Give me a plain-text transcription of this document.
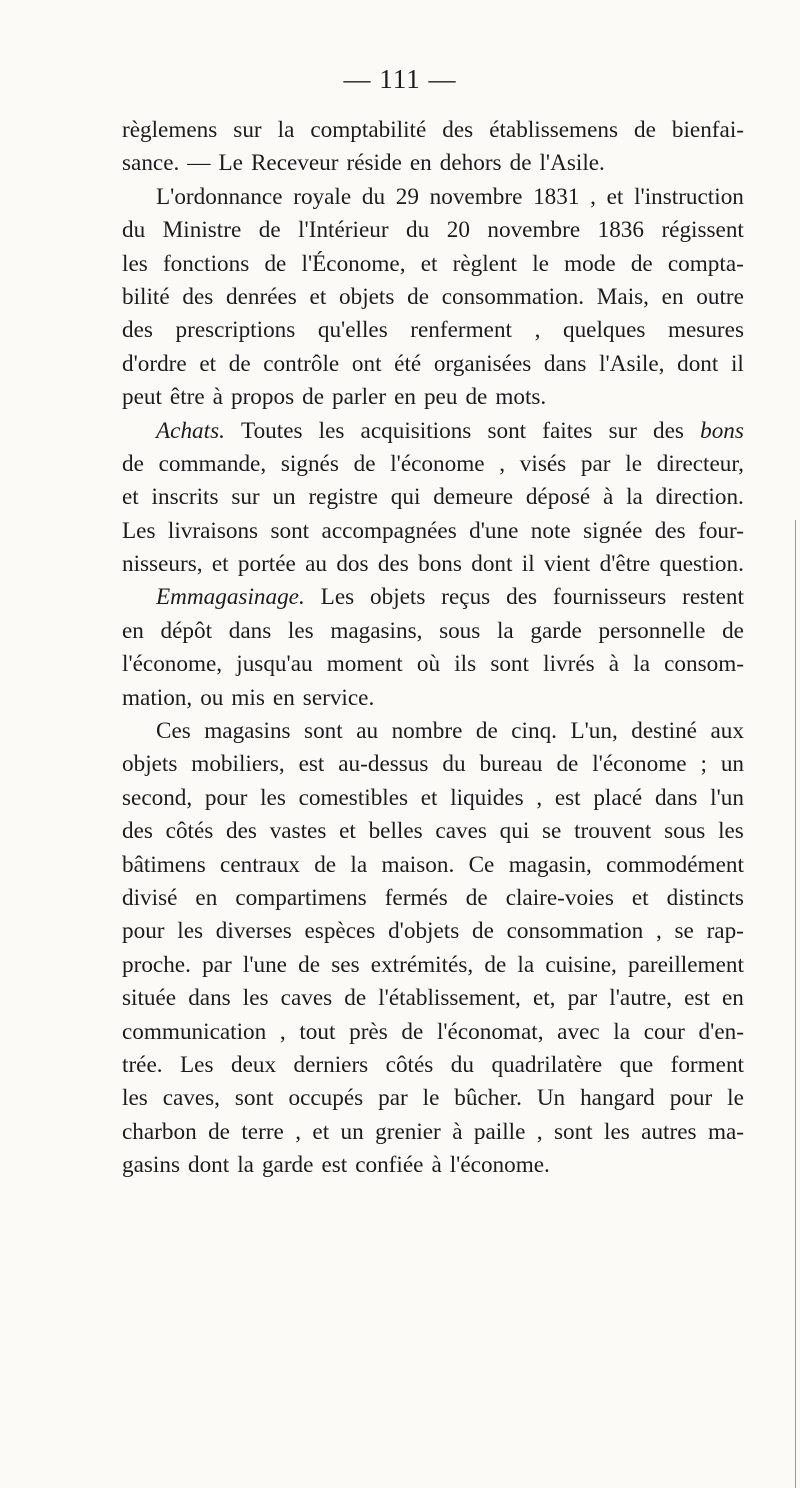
— 111 —
règlemens sur la comptabilité des établissemens de bienfai-
sance. — Le Receveur réside en dehors de l'Asile.
L'ordonnance royale du 29 novembre 1831 , et l'instruction
du Ministre de l'Intérieur du 20 novembre 1836 régissent
les fonctions de l'Économe, et règlent le mode de compta-
bilité des denrées et objets de consommation. Mais, en outre
des prescriptions qu'elles renferment , quelques mesures
d'ordre et de contrôle ont été organisées dans l'Asile, dont il
peut être à propos de parler en peu de mots.
Achats. Toutes les acquisitions sont faites sur des bons
de commande, signés de l'économe , visés par le directeur,
et inscrits sur un registre qui demeure déposé à la direction.
Les livraisons sont accompagnées d'une note signée des four-
nisseurs, et portée au dos des bons dont il vient d'être question.
Emmagasinage. Les objets reçus des fournisseurs restent
en dépôt dans les magasins, sous la garde personnelle de
l'économe, jusqu'au moment où ils sont livrés à la consom-
mation, ou mis en service.
Ces magasins sont au nombre de cinq. L'un, destiné aux
objets mobiliers, est au-dessus du bureau de l'économe ; un
second, pour les comestibles et liquides , est placé dans l'un
des côtés des vastes et belles caves qui se trouvent sous les
bâtimens centraux de la maison. Ce magasin, commodément
divisé en compartimens fermés de claire-voies et distincts
pour les diverses espèces d'objets de consommation , se rap-
proche. par l'une de ses extrémités, de la cuisine, pareillement
située dans les caves de l'établissement, et, par l'autre, est en
communication , tout près de l'économat, avec la cour d'en-
trée. Les deux derniers côtés du quadrilatère que forment
les caves, sont occupés par le bûcher. Un hangard pour le
charbon de terre , et un grenier à paille , sont les autres ma-
gasins dont la garde est confiée à l'économe.
